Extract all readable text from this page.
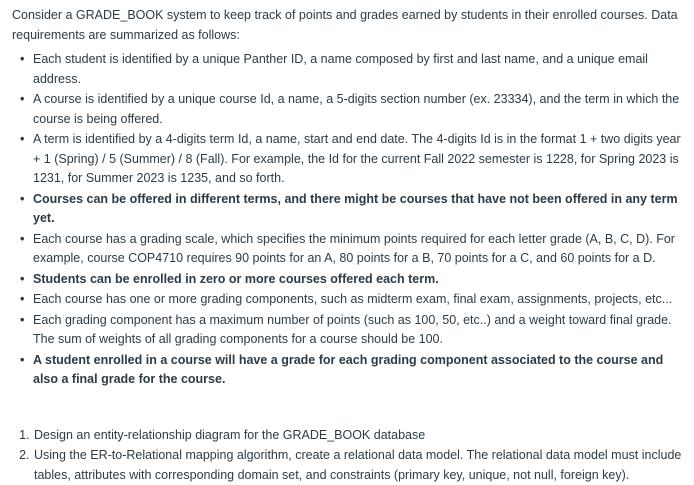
Consider a GRADE_BOOK system to keep track of points and grades earned by students in their enrolled courses. Data requirements are summarized as follows:

• Each student is identified by a unique Panther ID, a name composed by first and last name, and a unique email address.
• A course is identified by a unique course Id, a name, a 5-digits section number (ex. 23334), and the term in which the course is being offered.
• A term is identified by a 4-digits term Id, a name, start and end date. The 4-digits Id is in the format 1 + two digits year + 1 (Spring) / 5 (Summer) / 8 (Fall). For example, the Id for the current Fall 2022 semester is 1228, for Spring 2023 is 1231, for Summer 2023 is 1235, and so forth.
• Courses can be offered in different terms, and there might be courses that have not been offered in any term yet.
• Each course has a grading scale, which specifies the minimum points required for each letter grade (A, B, C, D). For example, course COP4710 requires 90 points for an A, 80 points for a B, 70 points for a C, and 60 points for a D.
• Students can be enrolled in zero or more courses offered each term.
• Each course has one or more grading components, such as midterm exam, final exam, assignments, projects, etc...
• Each grading component has a maximum number of points (such as 100, 50, etc..) and a weight toward final grade. The sum of weights of all grading components for a course should be 100.
• A student enrolled in a course will have a grade for each grading component associated to the course and also a final grade for the course.
1. Design an entity-relationship diagram for the GRADE_BOOK database
2. Using the ER-to-Relational mapping algorithm, create a relational data model. The relational data model must include tables, attributes with corresponding domain set, and constraints (primary key, unique, not null, foreign key).
